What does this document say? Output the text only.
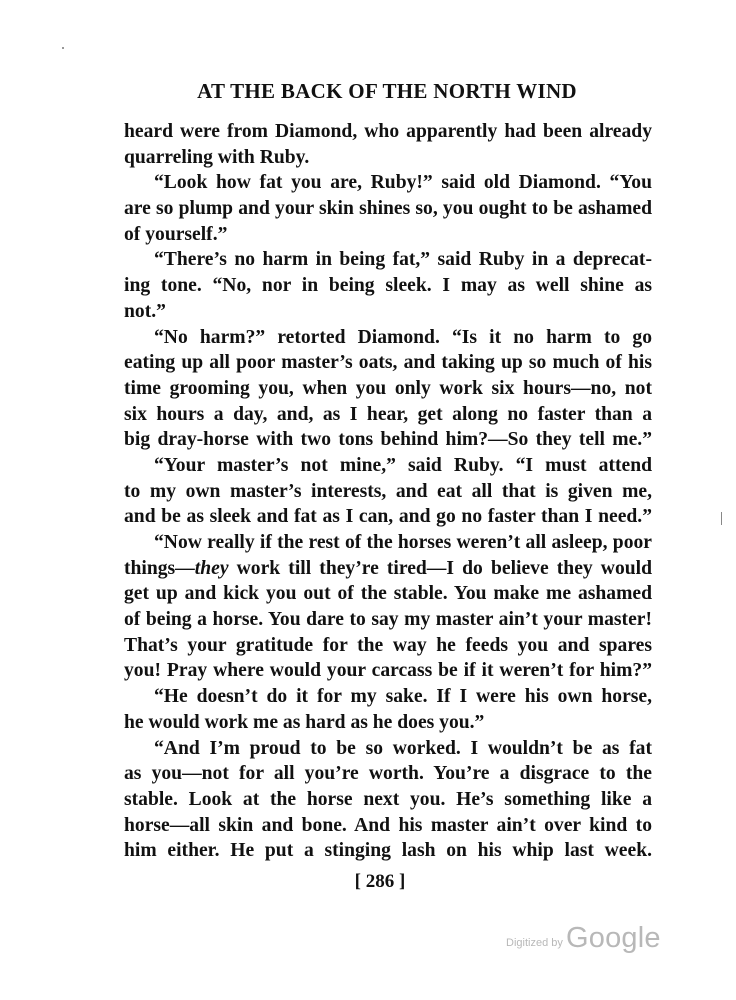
AT THE BACK OF THE NORTH WIND
heard were from Diamond, who apparently had been already
quarreling with Ruby.
“Look how fat you are, Ruby!” said old Diamond. “You
are so plump and your skin shines so, you ought to be ashamed
of yourself.”
“There’s no harm in being fat,” said Ruby in a deprecat-
ing tone. “No, nor in being sleek. I may as well shine as
not.”
“No harm?” retorted Diamond. “Is it no harm to go
eating up all poor master’s oats, and taking up so much of his
time grooming you, when you only work six hours—no, not
six hours a day, and, as I hear, get along no faster than a
big dray-horse with two tons behind him?—So they tell me.”
“Your master’s not mine,” said Ruby. “I must attend
to my own master’s interests, and eat all that is given me,
and be as sleek and fat as I can, and go no faster than I need.”
“Now really if the rest of the horses weren’t all asleep, poor
things—they work till they’re tired—I do believe they would
get up and kick you out of the stable. You make me ashamed
of being a horse. You dare to say my master ain’t your master!
That’s your gratitude for the way he feeds you and spares
you! Pray where would your carcass be if it weren’t for him?”
“He doesn’t do it for my sake. If I were his own horse,
he would work me as hard as he does you.”
“And I’m proud to be so worked. I wouldn’t be as fat
as you—not for all you’re worth. You’re a disgrace to the
stable. Look at the horse next you. He’s something like a
horse—all skin and bone. And his master ain’t over kind to
him either. He put a stinging lash on his whip last week.
[ 286 ]
Digitized by Google
